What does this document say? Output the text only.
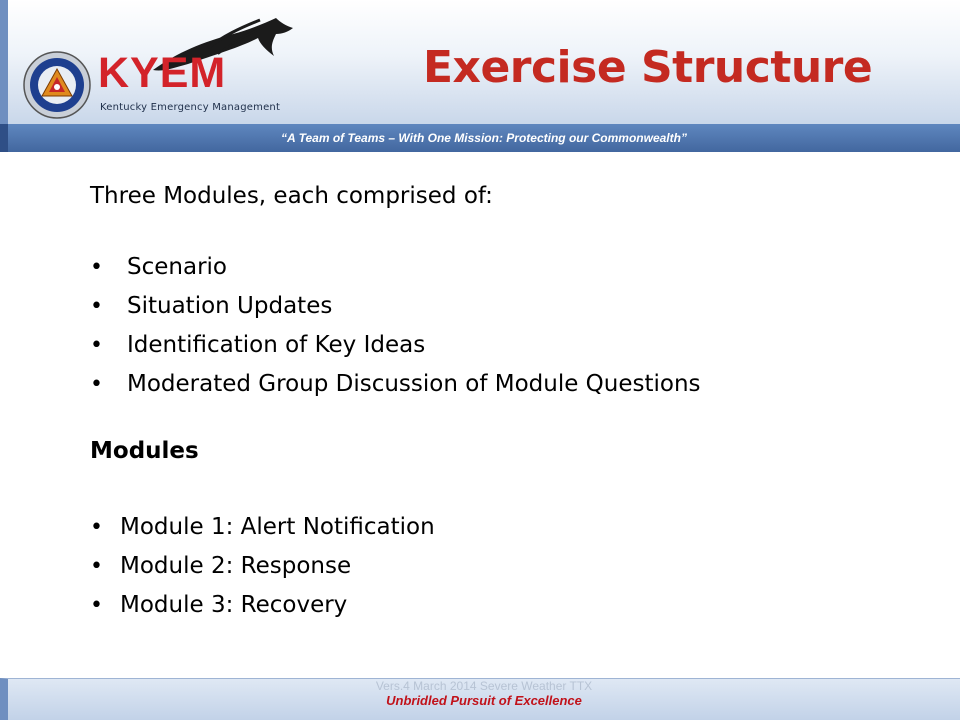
KYEM
Kentucky Emergency Management
Exercise Structure
“A Team of Teams – With One Mission: Protecting our Commonwealth”
Three Modules, each comprised of:
• Scenario
• Situation Updates
• Identification of Key Ideas
• Moderated Group Discussion of Module Questions
Modules
• Module 1: Alert Notification
• Module 2: Response
• Module 3: Recovery
Vers.4 March 2014 Severe Weather TTX
Unbridled Pursuit of Excellence
